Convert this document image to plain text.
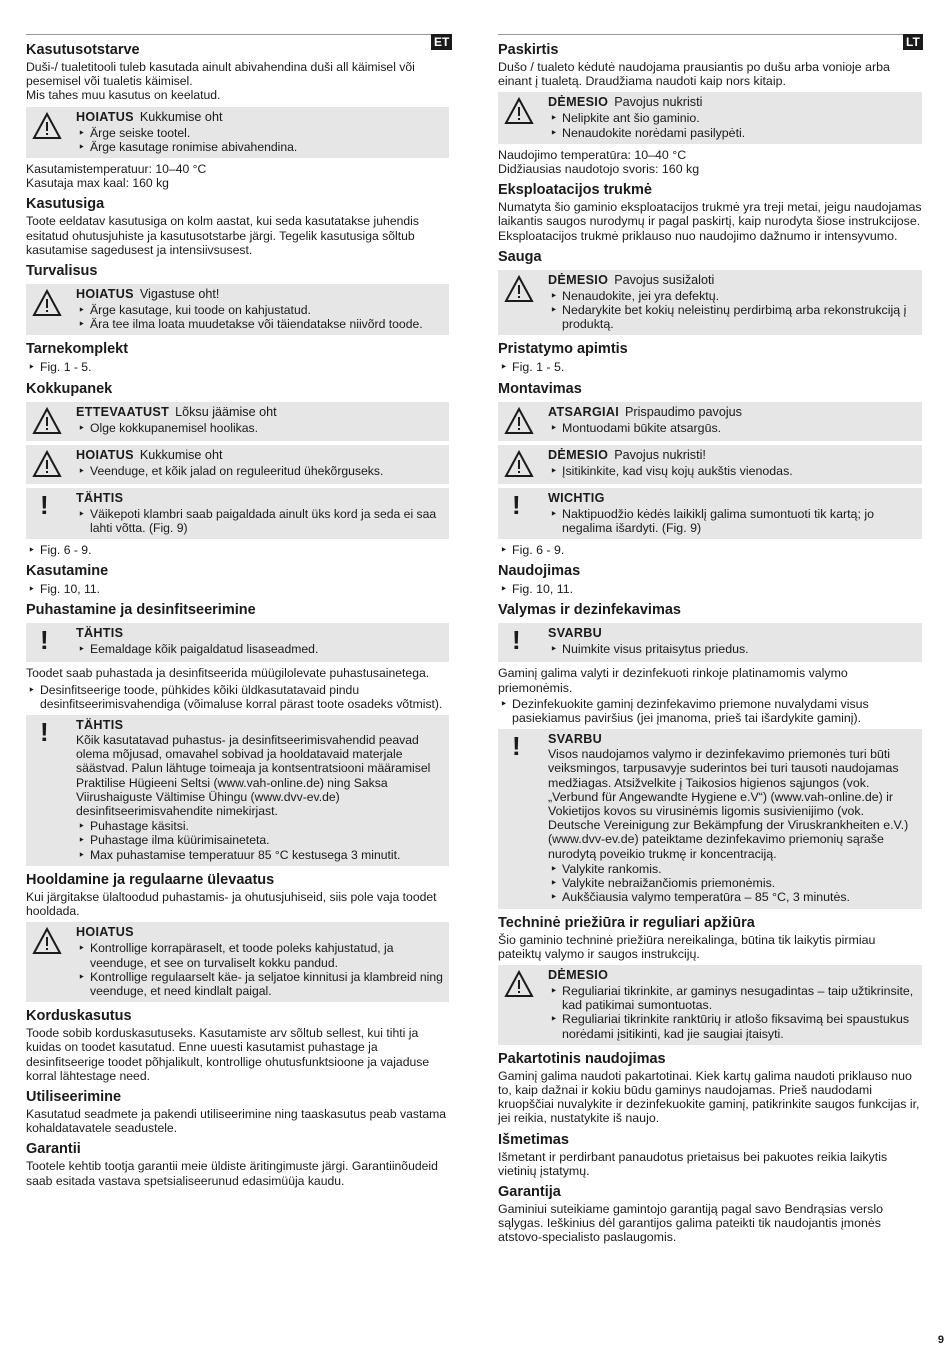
ET	LT
Kasutusotstarve

Duši-/ tualetitooli tuleb kasutada ainult abivahendina duši all käimisel või pesemisel või tualetis käimisel.

Mis tahes muu kasutus on keelatud.

HOIATUS Kukkumise oht
‣ Ärge seiske tootel.
‣ Ärge kasutage ronimise abivahendina.

Kasutamistemperatuur: 10–40 °C

Kasutaja max kaal: 160 kg

Kasutusiga

Toote eeldatav kasutusiga on kolm aastat, kui seda kasutatakse juhendis esitatud ohutusjuhiste ja kasutusotstarbe järgi. Tegelik kasutusiga sõltub kasutamise sagedusest ja intensiivsusest.

Turvalisus
HOIATUS Vigastuse oht!
‣ Ärge kasutage, kui toode on kahjustatud.
‣ Ära tee ilma loata muudetakse või täiendatakse niivõrd toode.
Tarnekomplekt
‣ Fig. 1 - 5.
Kokkupanek
ETTEVAATUST Lõksu jäämise oht
‣ Olge kokkupanemisel hoolikas.
HOIATUS Kukkumise oht
‣ Veenduge, et kõik jalad on reguleeritud ühekõrguseks.
! TÄHTIS
‣ Väikepoti klambri saab paigaldada ainult üks kord ja seda ei saa lahti võtta. (Fig. 9)
‣ Fig. 6 - 9.
Kasutamine
‣ Fig. 10, 11.
Puhastamine ja desinfitseerimine
! TÄHTIS
‣ Eemaldage kõik paigaldatud lisaseadmed.

Toodet saab puhastada ja desinfitseerida müügilolevate puhastusainetega.

‣ Desinfitseerige toode, pühkides kõiki üldkasutatavaid pindu desinfitseerimisvahendiga (võimaluse korral pärast toote osadeks võtmist).
! TÄHTIS

Kõik kasutatavad puhastus- ja desinfitseerimisvahendid peavad olema mõjusad, omavahel sobivad ja hooldatavaid materjale säästvad. Palun lähtuge toimeaja ja kontsentratsiooni määramisel Praktilise Hügieeni Seltsi (www.vah-online.de) ning Saksa Viirushaiguste Vältimise Ühingu (www.dvv-ev.de) desinfitseerimisvahendite nimekirjast.

‣ Puhastage käsitsi.
‣ Puhastage ilma küürimisaineteta.
‣ Max puhastamise temperatuur 85 °C kestusega 3 minutit.
Hooldamine ja regulaarne ülevaatus

Kui järgitakse ülaltoodud puhastamis- ja ohutusjuhiseid, siis pole vaja toodet hooldada.

HOIATUS
‣ Kontrollige korrapäraselt, et toode poleks kahjustatud, ja veenduge, et see on turvaliselt kokku pandud.
‣ Kontrollige regulaarselt käe- ja seljatoe kinnitusi ja klambreid ning veenduge, et need kindlalt paigal.
Korduskasutus

Toode sobib korduskasutuseks. Kasutamiste arv sõltub sellest, kui tihti ja kuidas on toodet kasutatud. Enne uuesti kasutamist puhastage ja desinfitseerige toodet põhjalikult, kontrollige ohutusfunktsioone ja vajaduse korral lähtestage need.

Utiliseerimine

Kasutatud seadmete ja pakendi utiliseerimine ning taaskasutus peab vastama kohaldatavatele seadustele.

Garantii

Tootele kehtib tootja garantii meie üldiste äritingimuste järgi. Garantiinõudeid saab esitada vastava spetsialiseerunud edasimüüja kaudu.

Paskirtis

Dušo / tualeto kėdutė naudojama prausiantis po dušu arba vonioje arba einant į tualetą. Draudžiama naudoti kaip nors kitaip.

DĖMESIO Pavojus nukristi
‣ Nelipkite ant šio gaminio.
‣ Nenaudokite norėdami pasilypėti.

Naudojimo temperatūra: 10–40 °C

Didžiausias naudotojo svoris: 160 kg

Eksploatacijos trukmė

Numatyta šio gaminio eksploatacijos trukmė yra treji metai, jeigu naudojamas laikantis saugos nurodymų ir pagal paskirtį, kaip nurodyta šiose instrukcijose. Eksploatacijos trukmė priklauso nuo naudojimo dažnumo ir intensyvumo.

Sauga
DĖMESIO Pavojus susižaloti
‣ Nenaudokite, jei yra defektų.
‣ Nedarykite bet kokių neleistinų perdirbimą arba rekonstrukciją į produktą.
Pristatymo apimtis
‣ Fig. 1 - 5.
Montavimas
ATSARGIAI Prispaudimo pavojus
‣ Montuodami būkite atsargūs.
DĖMESIO Pavojus nukristi!
‣ Įsitikinkite, kad visų kojų aukštis vienodas.
! WICHTIG
‣ Naktipuodžio kėdės laikiklį galima sumontuoti tik kartą; jo negalima išardyti. (Fig. 9)
‣ Fig. 6 - 9.
Naudojimas
‣ Fig. 10, 11.
Valymas ir dezinfekavimas
! SVARBU
‣ Nuimkite visus pritaisytus priedus.

Gaminį galima valyti ir dezinfekuoti rinkoje platinamomis valymo priemonėmis.

‣ Dezinfekuokite gaminį dezinfekavimo priemone nuvalydami visus pasiekiamus paviršius (jei įmanoma, prieš tai išardykite gaminį).
! SVARBU

Visos naudojamos valymo ir dezinfekavimo priemonės turi būti veiksmingos, tarpusavyje suderintos bei turi tausoti naudojamas medžiagas. Atsižvelkite į Taikosios higienos sąjungos (vok. „Verbund für Angewandte Hygiene e.V“) (www.vah-online.de) ir Vokietijos kovos su virusinėmis ligomis susivienijimo (vok. Deutsche Vereinigung zur Bekämpfung der Viruskrankheiten e.V.) (www.dvv-ev.de) pateiktame dezinfekavimo priemonių sąraše nurodytą poveikio trukmę ir koncentraciją.

‣ Valykite rankomis.
‣ Valykite nebraižančiomis priemonėmis.
‣ Aukščiausia valymo temperatūra – 85 °C, 3 minutės.
Techninė priežiūra ir reguliari apžiūra

Šio gaminio techninė priežiūra nereikalinga, būtina tik laikytis pirmiau pateiktų valymo ir saugos instrukcijų.

DĖMESIO
‣ Reguliariai tikrinkite, ar gaminys nesugadintas – taip užtikrinsite, kad patikimai sumontuotas.
‣ Reguliariai tikrinkite ranktūrių ir atlošo fiksavimą bei spaustukus norėdami įsitikinti, kad jie saugiai įtaisyti.
Pakartotinis naudojimas

Gaminį galima naudoti pakartotinai. Kiek kartų galima naudoti priklauso nuo to, kaip dažnai ir kokiu būdu gaminys naudojamas. Prieš naudodami kruopščiai nuvalykite ir dezinfekuokite gaminį, patikrinkite saugos funkcijas ir, jei reikia, nustatykite iš naujo.

Išmetimas

Išmetant ir perdirbant panaudotus prietaisus bei pakuotes reikia laikytis vietinių įstatymų.

Garantija

Gaminiui suteikiame gamintojo garantiją pagal savo Bendrąsias verslo sąlygas. Ieškinius dėl garantijos galima pateikti tik naudojantis įmonės atstovo-specialisto paslaugomis.

9
